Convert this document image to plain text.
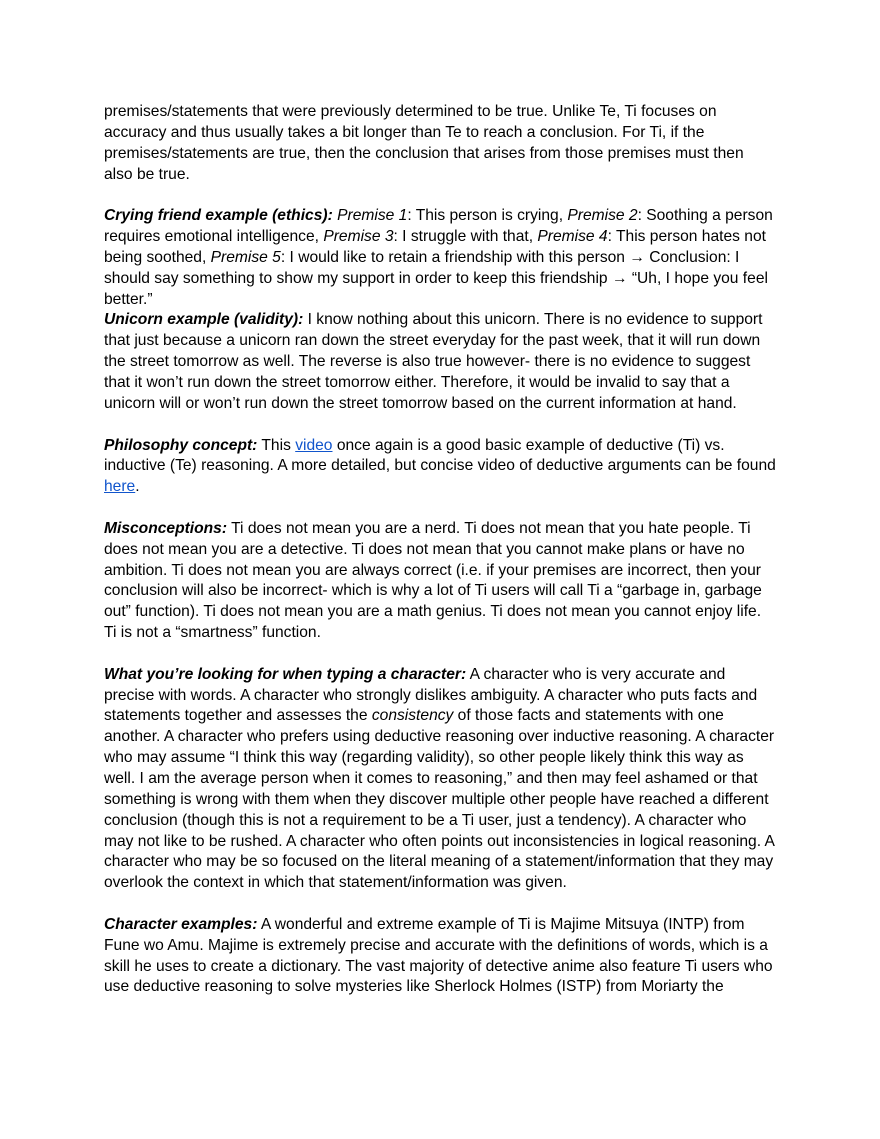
premises/statements that were previously determined to be true. Unlike Te, Ti focuses on accuracy and thus usually takes a bit longer than Te to reach a conclusion. For Ti, if the premises/statements are true, then the conclusion that arises from those premises must then also be true.

Crying friend example (ethics): Premise 1: This person is crying, Premise 2: Soothing a person requires emotional intelligence, Premise 3: I struggle with that, Premise 4: This person hates not being soothed, Premise 5: I would like to retain a friendship with this person → Conclusion: I should say something to show my support in order to keep this friendship → “Uh, I hope you feel better.”

Unicorn example (validity): I know nothing about this unicorn. There is no evidence to support that just because a unicorn ran down the street everyday for the past week, that it will run down the street tomorrow as well. The reverse is also true however- there is no evidence to suggest that it won’t run down the street tomorrow either. Therefore, it would be invalid to say that a unicorn will or won’t run down the street tomorrow based on the current information at hand.

Philosophy concept: This video once again is a good basic example of deductive (Ti) vs. inductive (Te) reasoning. A more detailed, but concise video of deductive arguments can be found here.

Misconceptions: Ti does not mean you are a nerd. Ti does not mean that you hate people. Ti does not mean you are a detective. Ti does not mean that you cannot make plans or have no ambition. Ti does not mean you are always correct (i.e. if your premises are incorrect, then your conclusion will also be incorrect- which is why a lot of Ti users will call Ti a “garbage in, garbage out” function). Ti does not mean you are a math genius. Ti does not mean you cannot enjoy life. Ti is not a “smartness” function.

What you’re looking for when typing a character: A character who is very accurate and precise with words. A character who strongly dislikes ambiguity. A character who puts facts and statements together and assesses the consistency of those facts and statements with one another. A character who prefers using deductive reasoning over inductive reasoning. A character who may assume “I think this way (regarding validity), so other people likely think this way as well. I am the average person when it comes to reasoning,” and then may feel ashamed or that something is wrong with them when they discover multiple other people have reached a different conclusion (though this is not a requirement to be a Ti user, just a tendency). A character who may not like to be rushed. A character who often points out inconsistencies in logical reasoning. A character who may be so focused on the literal meaning of a statement/information that they may overlook the context in which that statement/information was given.

Character examples: A wonderful and extreme example of Ti is Majime Mitsuya (INTP) from Fune wo Amu. Majime is extremely precise and accurate with the definitions of words, which is a skill he uses to create a dictionary. The vast majority of detective anime also feature Ti users who use deductive reasoning to solve mysteries like Sherlock Holmes (ISTP) from Moriarty the
